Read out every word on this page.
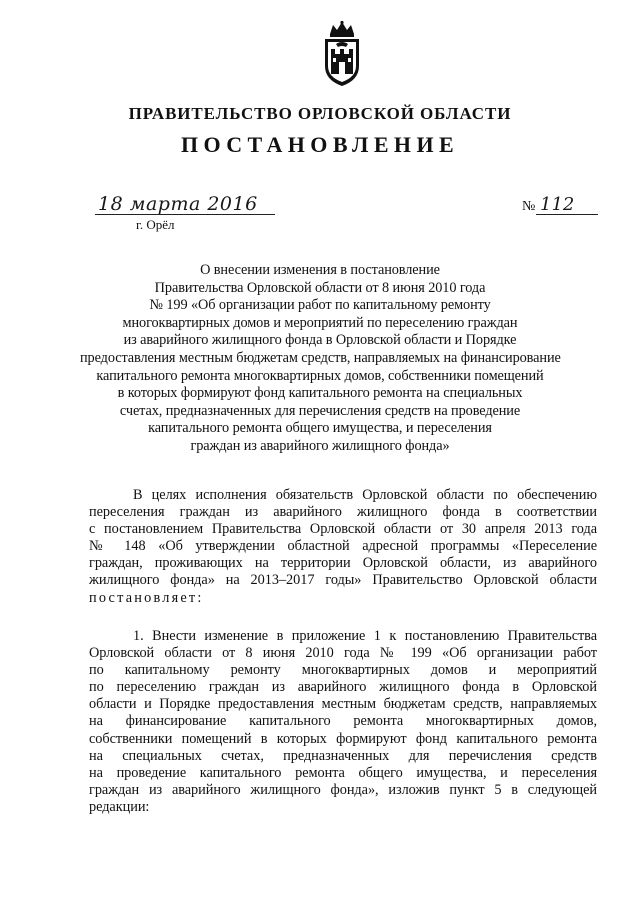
ПРАВИТЕЛЬСТВО ОРЛОВСКОЙ ОБЛАСТИ
ПОСТАНОВЛЕНИЕ
18 марта 2016
г. Орёл
№ 112
О внесении изменения в постановление
Правительства Орловской области от 8 июня 2010 года
№ 199 «Об организации работ по капитальному ремонту
многоквартирных домов и мероприятий по переселению граждан
из аварийного жилищного фонда в Орловской области и Порядке
предоставления местным бюджетам средств, направляемых на финансирование
капитального ремонта многоквартирных домов, собственники помещений
в которых формируют фонд капитального ремонта на специальных
счетах, предназначенных для перечисления средств на проведение
капитального ремонта общего имущества, и переселения
граждан из аварийного жилищного фонда»
В целях исполнения обязательств Орловской области по обеспечению
переселения граждан из аварийного жилищного фонда в соответствии
с постановлением Правительства Орловской области от 30 апреля 2013 года
№ 148 «Об утверждении областной адресной программы «Переселение
граждан, проживающих на территории Орловской области, из аварийного
жилищного фонда» на 2013–2017 годы» Правительство Орловской области
постановляет:
1. Внести изменение в приложение 1 к постановлению Правительства
Орловской области от 8 июня 2010 года № 199 «Об организации работ
по капитальному ремонту многоквартирных домов и мероприятий
по переселению граждан из аварийного жилищного фонда в Орловской
области и Порядке предоставления местным бюджетам средств, направляемых
на финансирование капитального ремонта многоквартирных домов,
собственники помещений в которых формируют фонд капитального ремонта
на специальных счетах, предназначенных для перечисления средств
на проведение капитального ремонта общего имущества, и переселения
граждан из аварийного жилищного фонда», изложив пункт 5 в следующей
редакции:
